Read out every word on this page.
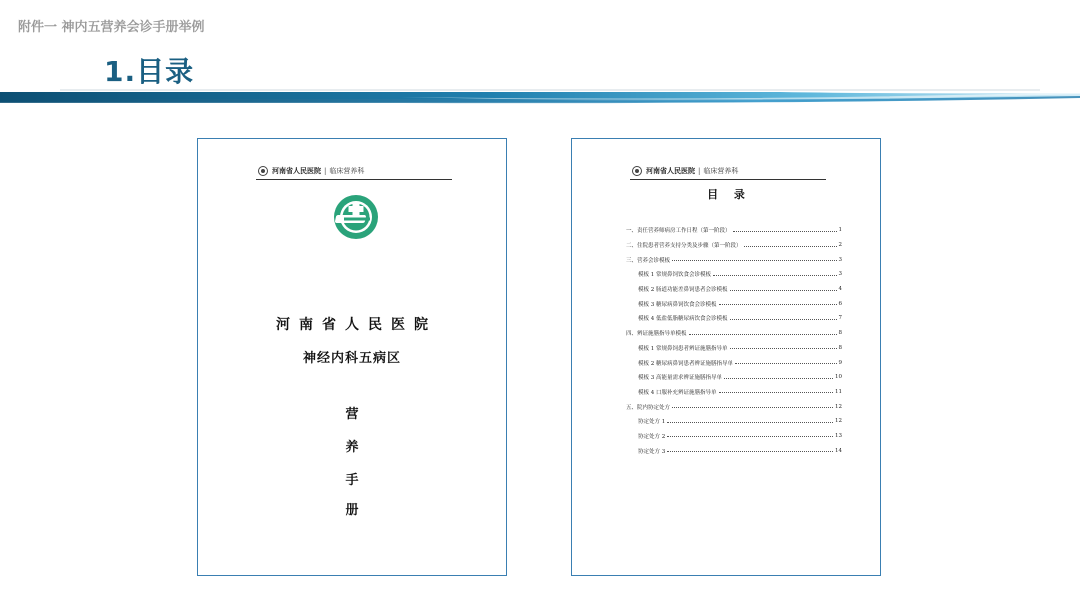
附件一 神内五营养会诊手册举例
1.目录
河南省人民医院 | 临床营养科
河南省人民医院
神经内科五病区
营
养
手
册
河南省人民医院 | 临床营养科
目 录
一、责任营养师病房工作日程（第一阶段）	1
二、住院患者营养支持分类及步骤（第一阶段）	2
三、营养会诊模板	3
模板 1 常规鼻饲饮食会诊模板	3
模板 2 肠道功能差鼻饲患者会诊模板	4
模板 3 糖尿病鼻饲饮食会诊模板	6
模板 4 低盐低脂糖尿病饮食会诊模板	7
四、辨证施膳指导单模板	8
模板 1 常规鼻饲患者辨证施膳指导单	8
模板 2 糖尿病鼻饲患者辨证施膳指导单	9
模板 3 高能量需求辨证施膳指导单	10
模板 4 口服补充辨证施膳指导单	11
五、院内协定处方	12
协定处方 1	12
协定处方 2	13
协定处方 3	14
